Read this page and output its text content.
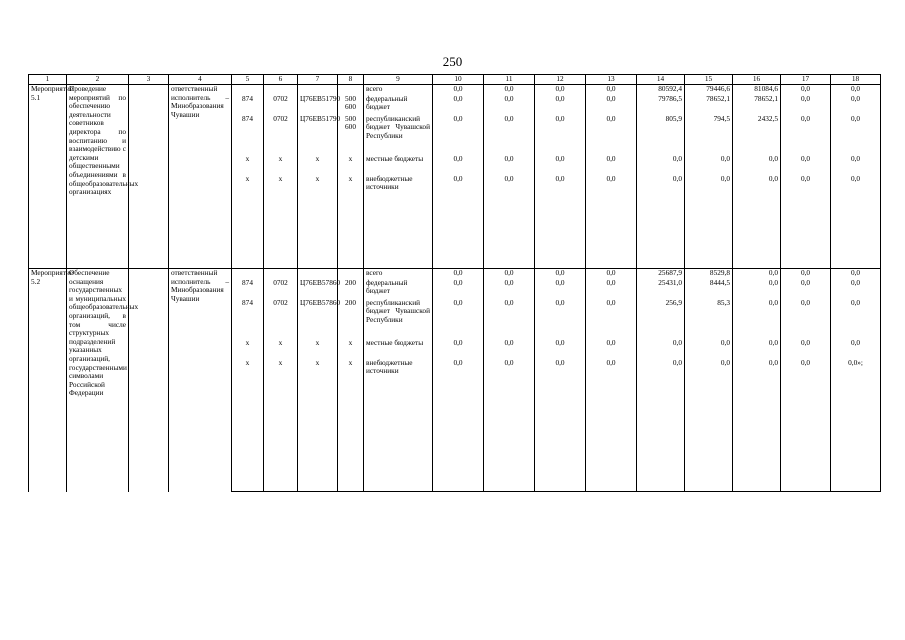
250
1	2	3	4	5	6	7	8	9	10	11	12	13	14	15	16	17	18
Мероприятие 5.1	Проведение мероприятий по обеспечению деятельности советников директора по воспитанию и взаимодействию с детскими общественными объединениями в общеобразовательных организациях		ответственный исполнитель – Минобразования Чувашии					всего	0,0	0,0	0,0	0,0	80592,4	79446,6	81084,6	0,0	0,0
				874	0702	Ц76ЕВ51790	500 600	федеральный бюджет	0,0	0,0	0,0	0,0	79786,5	78652,1	78652,1	0,0	0,0
				874	0702	Ц76ЕВ51790	500 600	республиканский бюджет Чувашской Республики	0,0	0,0	0,0	0,0	805,9	794,5	2432,5	0,0	0,0
				x	x	x	x	местные бюджеты	0,0	0,0	0,0	0,0	0,0	0,0	0,0	0,0	0,0
				x	x	x	x	внебюджетные источники	0,0	0,0	0,0	0,0	0,0	0,0	0,0	0,0	0,0
Мероприятие 5.2	Обеспечение оснащения государственных и муниципальных общеобразовательных организаций, в том числе структурных подразделений указанных организаций, государственными символами Российской Федерации		ответственный исполнитель – Минобразования Чувашии					всего	0,0	0,0	0,0	0,0	25687,9	8529,8	0,0	0,0	0,0
				874	0702	Ц76ЕВ57860	200	федеральный бюджет	0,0	0,0	0,0	0,0	25431,0	8444,5	0,0	0,0	0,0
				874	0702	Ц76ЕВ57860	200	республиканский бюджет Чувашской Республики	0,0	0,0	0,0	0,0	256,9	85,3	0,0	0,0	0,0
				x	x	x	x	местные бюджеты	0,0	0,0	0,0	0,0	0,0	0,0	0,0	0,0	0,0
				x	x	x	x	внебюджетные источники	0,0	0,0	0,0	0,0	0,0	0,0	0,0	0,0	0,0»;
